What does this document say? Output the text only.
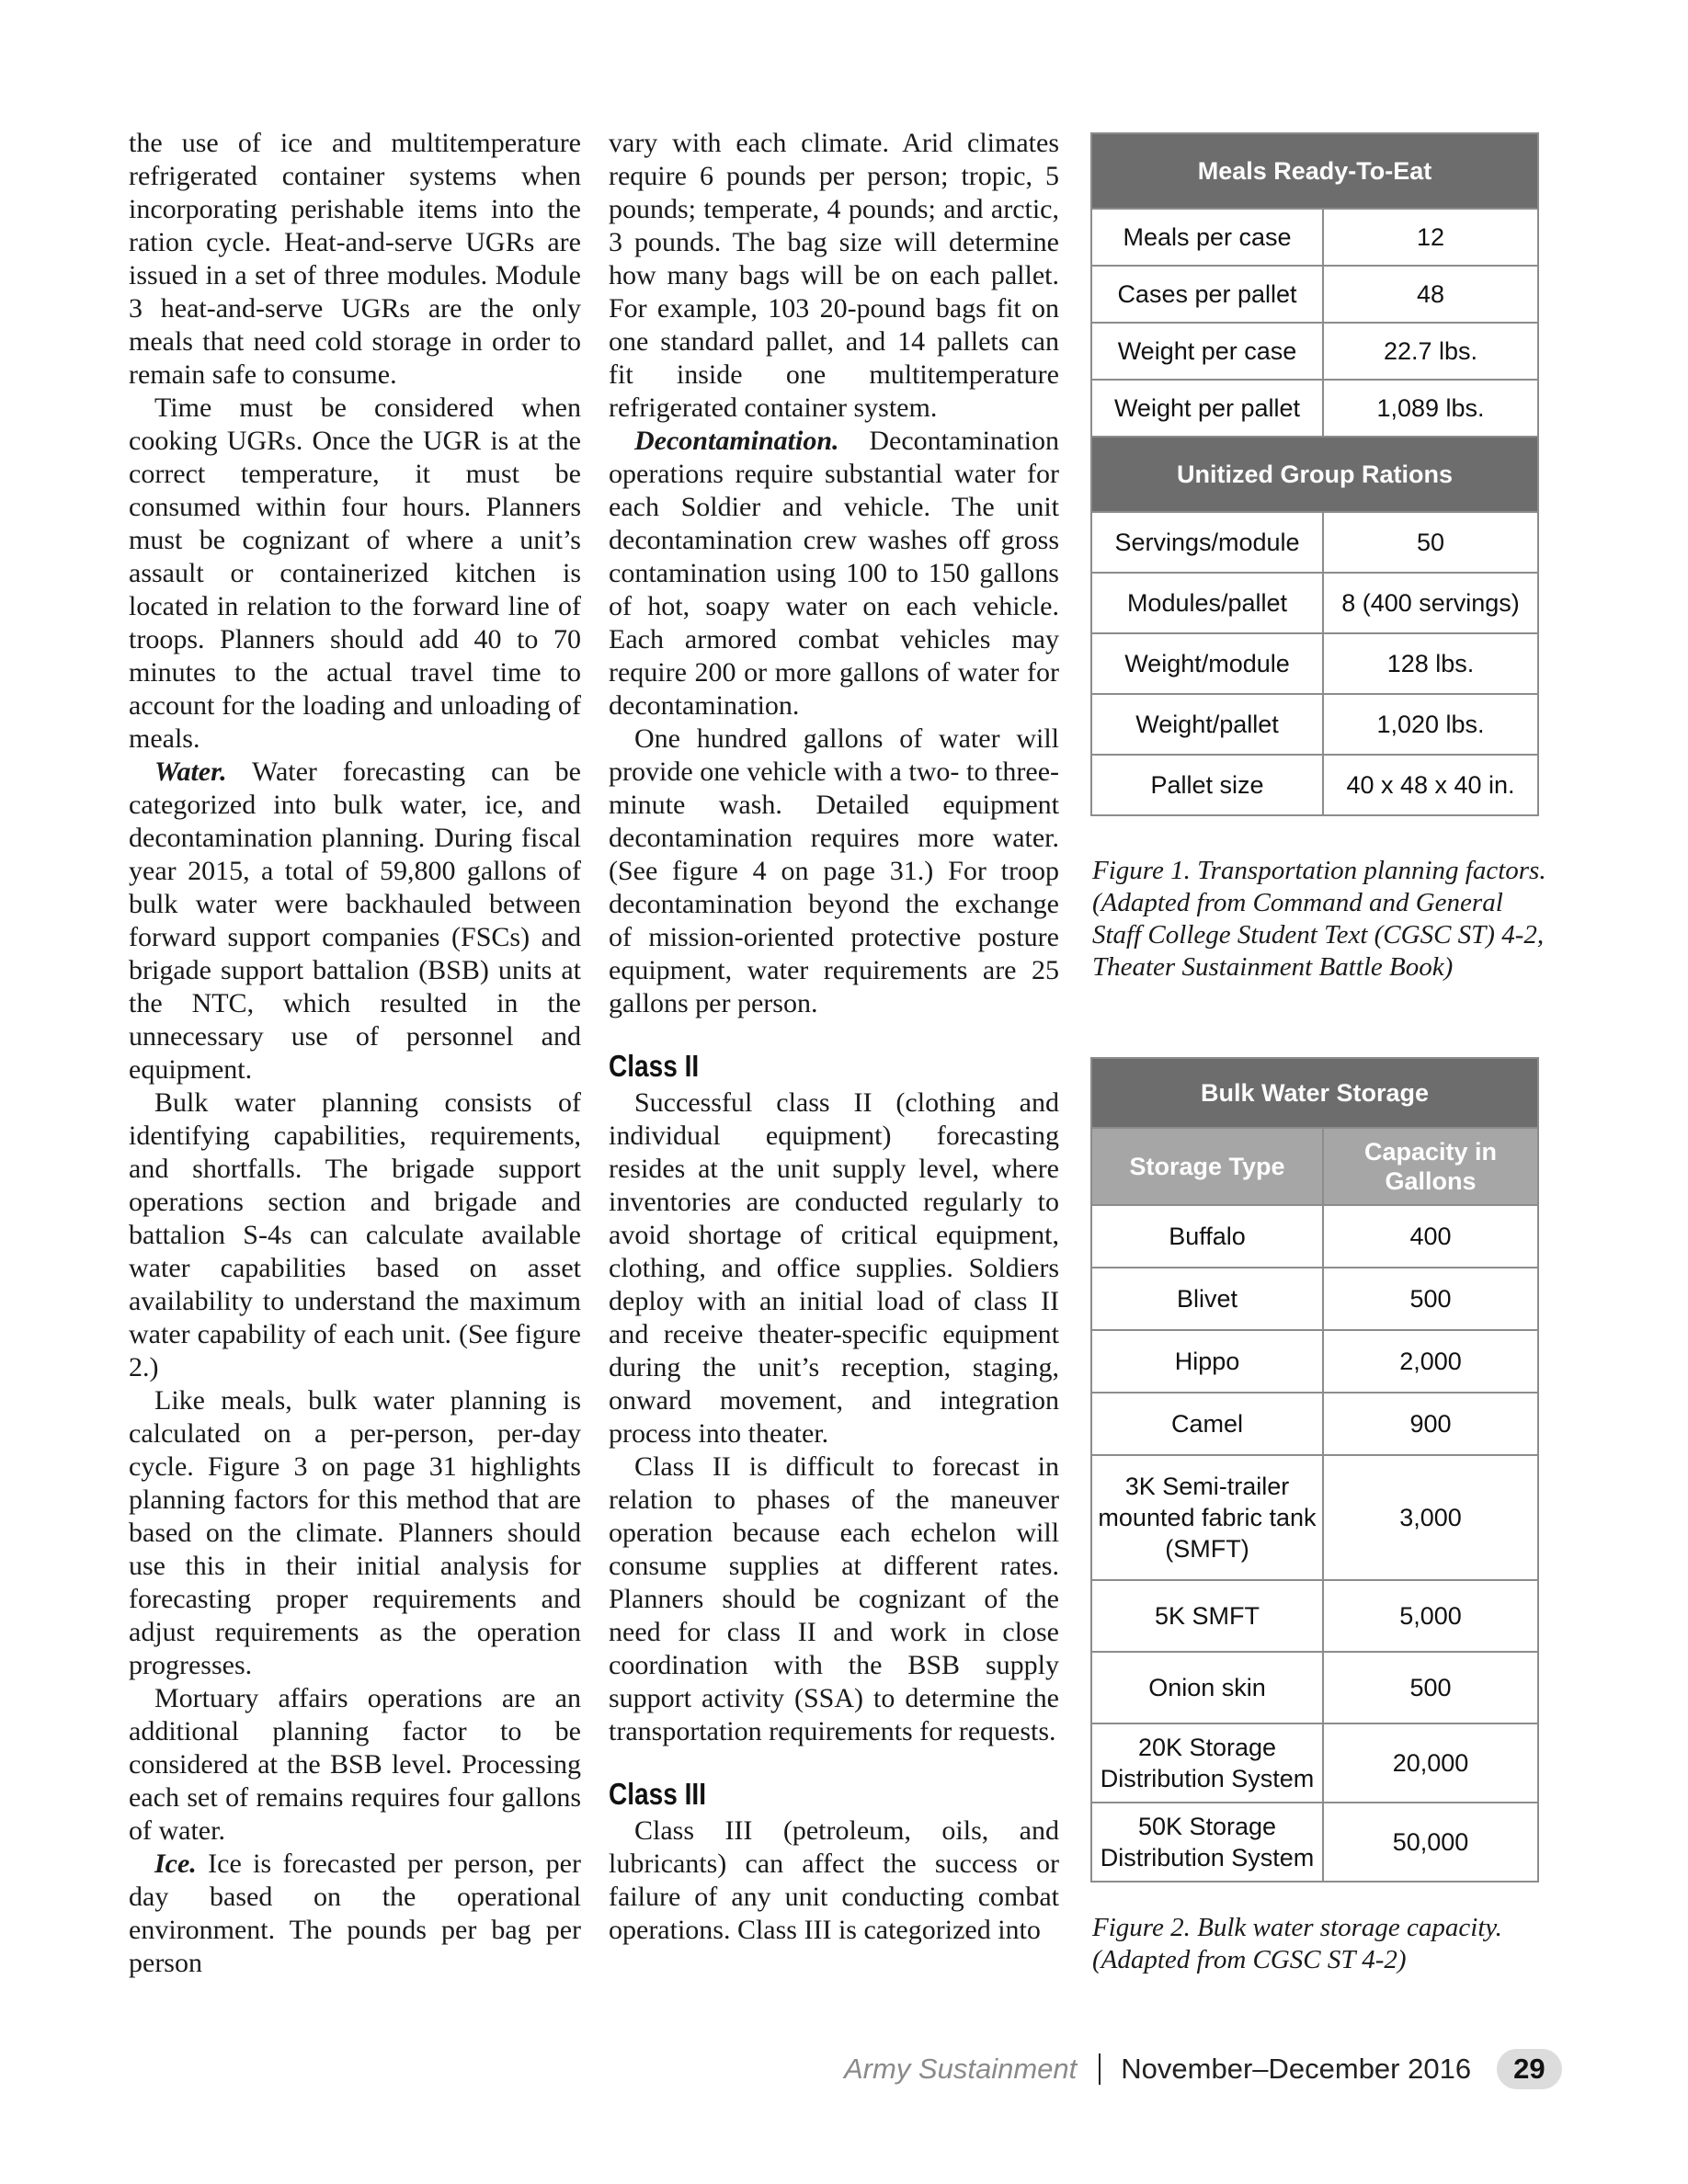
the use of ice and multitemperature refrigerated container systems when incorporating perishable items into the ration cycle. Heat-and-serve UGRs are issued in a set of three modules. Module 3 heat-and-serve UGRs are the only meals that need cold storage in order to remain safe to consume.

Time must be considered when cooking UGRs. Once the UGR is at the correct temperature, it must be consumed within four hours. Planners must be cognizant of where a unit’s assault or containerized kitchen is located in relation to the forward line of troops. Planners should add 40 to 70 minutes to the actual travel time to account for the loading and unloading of meals.

Water. Water forecasting can be categorized into bulk water, ice, and decontamination planning. During fiscal year 2015, a total of 59,800 gallons of bulk water were backhauled between forward support companies (FSCs) and brigade support battalion (BSB) units at the NTC, which resulted in the unnecessary use of personnel and equipment.

Bulk water planning consists of identifying capabilities, requirements, and shortfalls. The brigade support operations section and brigade and battalion S-4s can calculate available water capabilities based on asset availability to understand the maximum water capability of each unit. (See figure 2.)

Like meals, bulk water planning is calculated on a per-person, per-day cycle. Figure 3 on page 31 highlights planning factors for this method that are based on the climate. Planners should use this in their initial analysis for forecasting proper requirements and adjust requirements as the operation progresses.

Mortuary affairs operations are an additional planning factor to be considered at the BSB level. Processing each set of remains requires four gallons of water.

Ice. Ice is forecasted per person, per day based on the operational environment. The pounds per bag per person

vary with each climate. Arid climates require 6 pounds per person; tropic, 5 pounds; temperate, 4 pounds; and arctic, 3 pounds. The bag size will determine how many bags will be on each pallet. For example, 103 20-pound bags fit on one standard pallet, and 14 pallets can fit inside one multitemperature refrigerated container system.

Decontamination. Decontamination operations require substantial water for each Soldier and vehicle. The unit decontamination crew washes off gross contamination using 100 to 150 gallons of hot, soapy water on each vehicle. Each armored combat vehicles may require 200 or more gallons of water for decontamination.

One hundred gallons of water will provide one vehicle with a two- to three-minute wash. Detailed equipment decontamination requires more water. (See figure 4 on page 31.) For troop decontamination beyond the exchange of mission-oriented protective posture equipment, water requirements are 25 gallons per person.

Class II

Successful class II (clothing and individual equipment) forecasting resides at the unit supply level, where inventories are conducted regularly to avoid shortage of critical equipment, clothing, and office supplies. Soldiers deploy with an initial load of class II and receive theater-specific equipment during the unit’s reception, staging, onward movement, and integration process into theater.

Class II is difficult to forecast in relation to phases of the maneuver operation because each echelon will consume supplies at different rates. Planners should be cognizant of the need for class II and work in close coordination with the BSB supply support activity (SSA) to determine the transportation requirements for requests.

Class III

Class III (petroleum, oils, and lubricants) can affect the success or failure of any unit conducting combat operations. Class III is categorized into

Meals Ready-To-Eat	
Meals per case	12
Cases per pallet	48
Weight per case	22.7 lbs.
Weight per pallet	1,089 lbs.
Unitized Group Rations	
Servings/module	50
Modules/pallet	8 (400 servings)
Weight/module	128 lbs.
Weight/pallet	1,020 lbs.
Pallet size	40 x 48 x 40 in.
Figure 1. Transportation planning factors. (Adapted from Command and General Staff College Student Text (CGSC ST) 4-2, Theater Sustainment Battle Book)
Bulk Water Storage	
Storage Type	Capacity in Gallons
Buffalo	400
Blivet	500
Hippo	2,000
Camel	900
3K Semi-trailer mounted fabric tank (SMFT)	3,000
5K SMFT	5,000
Onion skin	500
20K Storage Distribution System	20,000
50K Storage Distribution System	50,000
Figure 2. Bulk water storage capacity. (Adapted from CGSC ST 4-2)
Army Sustainment November–December 2016	29
